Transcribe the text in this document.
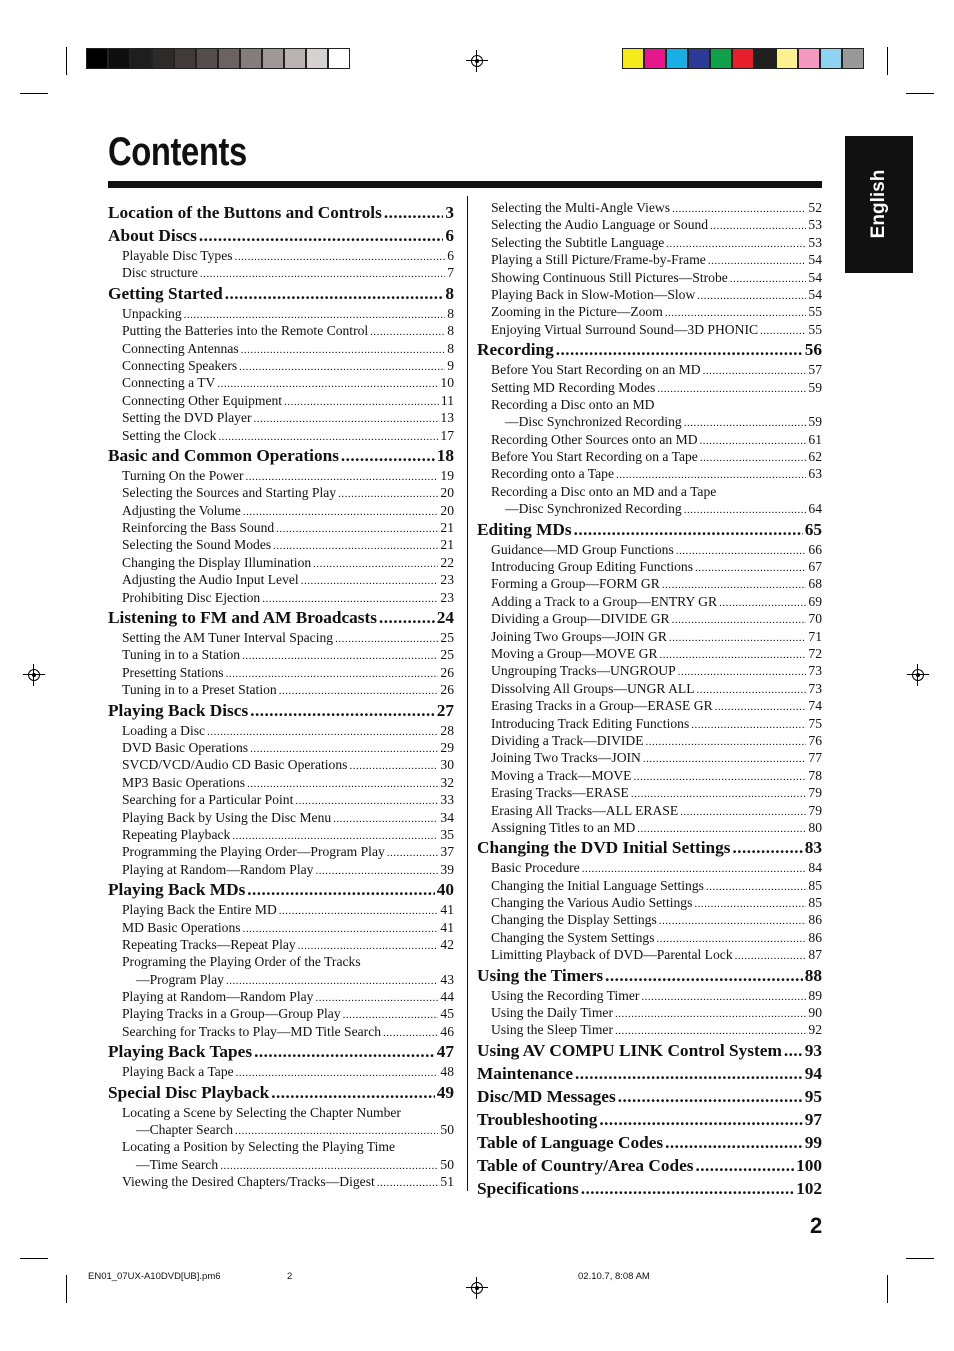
Contents
English
Location of the Buttons and Controls .....	3
About Discs .....	6
Playable Disc Types .....	6
Disc structure .....	7
Getting Started .....	8
Unpacking .....	8
Putting the Batteries into the Remote Control .....	8
Connecting Antennas .....	8
Connecting Speakers .....	9
Connecting a TV .....	10
Connecting Other Equipment .....	11
Setting the DVD Player .....	13
Setting the Clock .....	17
Basic and Common Operations .....	18
Turning On the Power .....	19
Selecting the Sources and Starting Play .....	20
Adjusting the Volume .....	20
Reinforcing the Bass Sound .....	21
Selecting the Sound Modes .....	21
Changing the Display Illumination .....	22
Adjusting the Audio Input Level .....	23
Prohibiting Disc Ejection .....	23
Listening to FM and AM Broadcasts .....	24
Setting the AM Tuner Interval Spacing .....	25
Tuning in to a Station .....	25
Presetting Stations .....	26
Tuning in to a Preset Station .....	26
Playing Back Discs .....	27
Loading a Disc .....	28
DVD Basic Operations .....	29
SVCD/VCD/Audio CD Basic Operations .....	30
MP3 Basic Operations .....	32
Searching for a Particular Point .....	33
Playing Back by Using the Disc Menu .....	34
Repeating Playback .....	35
Programming the Playing Order—Program Play .....	37
Playing at Random—Random Play .....	39
Playing Back MDs .....	40
Playing Back the Entire MD .....	41
MD Basic Operations .....	41
Repeating Tracks—Repeat Play .....	42
Programing the Playing Order of the Tracks
—Program Play .....	43
Playing at Random—Random Play .....	44
Playing Tracks in a Group—Group Play .....	45
Searching for Tracks to Play—MD Title Search .....	46
Playing Back Tapes .....	47
Playing Back a Tape .....	48
Special Disc Playback .....	49
Locating a Scene by Selecting the Chapter Number
—Chapter Search .....	50
Locating a Position by Selecting the Playing Time
—Time Search .....	50
Viewing the Desired Chapters/Tracks—Digest .....	51
Selecting the Multi-Angle Views .....	52
Selecting the Audio Language or Sound .....	53
Selecting the Subtitle Language .....	53
Playing a Still Picture/Frame-by-Frame .....	54
Showing Continuous Still Pictures—Strobe .....	54
Playing Back in Slow-Motion—Slow .....	54
Zooming in the Picture—Zoom .....	55
Enjoying Virtual Surround Sound—3D PHONIC .....	55
Recording .....	56
Before You Start Recording on an MD .....	57
Setting MD Recording Modes .....	59
Recording a Disc onto an MD
—Disc Synchronized Recording .....	59
Recording Other Sources onto an MD .....	61
Before You Start Recording on a Tape .....	62
Recording onto a Tape .....	63
Recording a Disc onto an MD and a Tape
—Disc Synchronized Recording .....	64
Editing MDs .....	65
Guidance—MD Group Functions .....	66
Introducing Group Editing Functions .....	67
Forming a Group—FORM GR .....	68
Adding a Track to a Group—ENTRY GR .....	69
Dividing a Group—DIVIDE GR .....	70
Joining Two Groups—JOIN GR .....	71
Moving a Group—MOVE GR .....	72
Ungrouping Tracks—UNGROUP .....	73
Dissolving All Groups—UNGR ALL .....	73
Erasing Tracks in a Group—ERASE GR .....	74
Introducing Track Editing Functions .....	75
Dividing a Track—DIVIDE .....	76
Joining Two Tracks—JOIN .....	77
Moving a Track—MOVE .....	78
Erasing Tracks—ERASE .....	79
Erasing All Tracks—ALL ERASE .....	79
Assigning Titles to an MD .....	80
Changing the DVD Initial Settings .....	83
Basic Procedure .....	84
Changing the Initial Language Settings .....	85
Changing the Various Audio Settings .....	85
Changing the Display Settings .....	86
Changing the System Settings .....	86
Limitting Playback of DVD—Parental Lock .....	87
Using the Timers .....	88
Using the Recording Timer .....	89
Using the Daily Timer .....	90
Using the Sleep Timer .....	92
Using AV COMPU LINK Control System ..... 93
Maintenance .....	94
Disc/MD Messages .....	95
Troubleshooting .....	97
Table of Language Codes .....	99
Table of Country/Area Codes .....	100
Specifications .....	102
2
EN01_07UX-A10DVD[UB].pm6	2	02.10.7, 8:08 AM
